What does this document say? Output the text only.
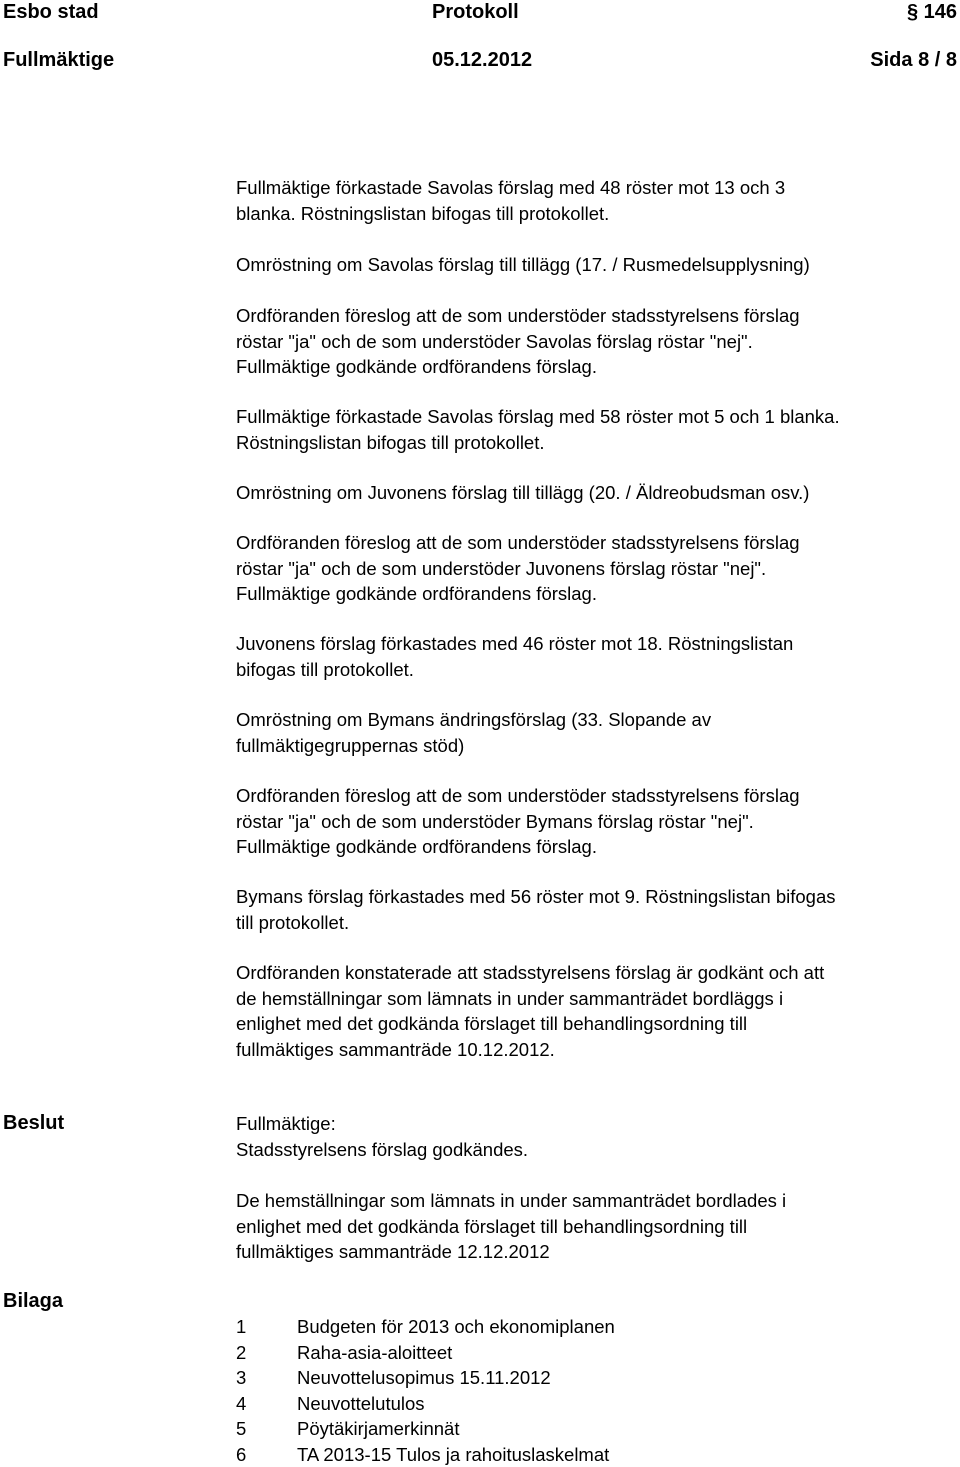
Esbo stad	Protokoll	§ 146
Fullmäktige	05.12.2012	Sida 8 / 8
Fullmäktige förkastade Savolas förslag med 48 röster mot 13 och 3
blanka. Röstningslistan bifogas till protokollet.
Omröstning om Savolas förslag till tillägg (17. / Rusmedelsupplysning)
Ordföranden föreslog att de som understöder stadsstyrelsens förslag
röstar "ja" och de som understöder Savolas förslag röstar "nej".
Fullmäktige godkände ordförandens förslag.
Fullmäktige förkastade Savolas förslag med 58 röster mot 5 och 1 blanka.
Röstningslistan bifogas till protokollet.
Omröstning om Juvonens förslag till tillägg (20. / Äldreobudsman osv.)
Ordföranden föreslog att de som understöder stadsstyrelsens förslag
röstar "ja" och de som understöder Juvonens förslag röstar "nej".
Fullmäktige godkände ordförandens förslag.
Juvonens förslag förkastades med 46 röster mot 18. Röstningslistan
bifogas till protokollet.
Omröstning om Bymans ändringsförslag (33. Slopande av
fullmäktigegruppernas stöd)
Ordföranden föreslog att de som understöder stadsstyrelsens förslag
röstar "ja" och de som understöder Bymans förslag röstar "nej".
Fullmäktige godkände ordförandens förslag.
Bymans förslag förkastades med 56 röster mot 9. Röstningslistan bifogas
till protokollet.
Ordföranden konstaterade att stadsstyrelsens förslag är godkänt och att
de hemställningar som lämnats in under sammanträdet bordläggs i
enlighet med det godkända förslaget till behandlingsordning till
fullmäktiges sammanträde 10.12.2012.
Beslut	Fullmäktige:
Stadsstyrelsens förslag godkändes.
De hemställningar som lämnats in under sammanträdet bordlades i
enlighet med det godkända förslaget till behandlingsordning till
fullmäktiges sammanträde 12.12.2012
Bilaga
1	Budgeten för 2013 och ekonomiplanen
2	Raha-asia-aloitteet
3	Neuvottelusopimus 15.11.2012
4	Neuvottelutulos
5	Pöytäkirjamerkinnät
6	TA 2013-15 Tulos ja rahoituslaskelmat
